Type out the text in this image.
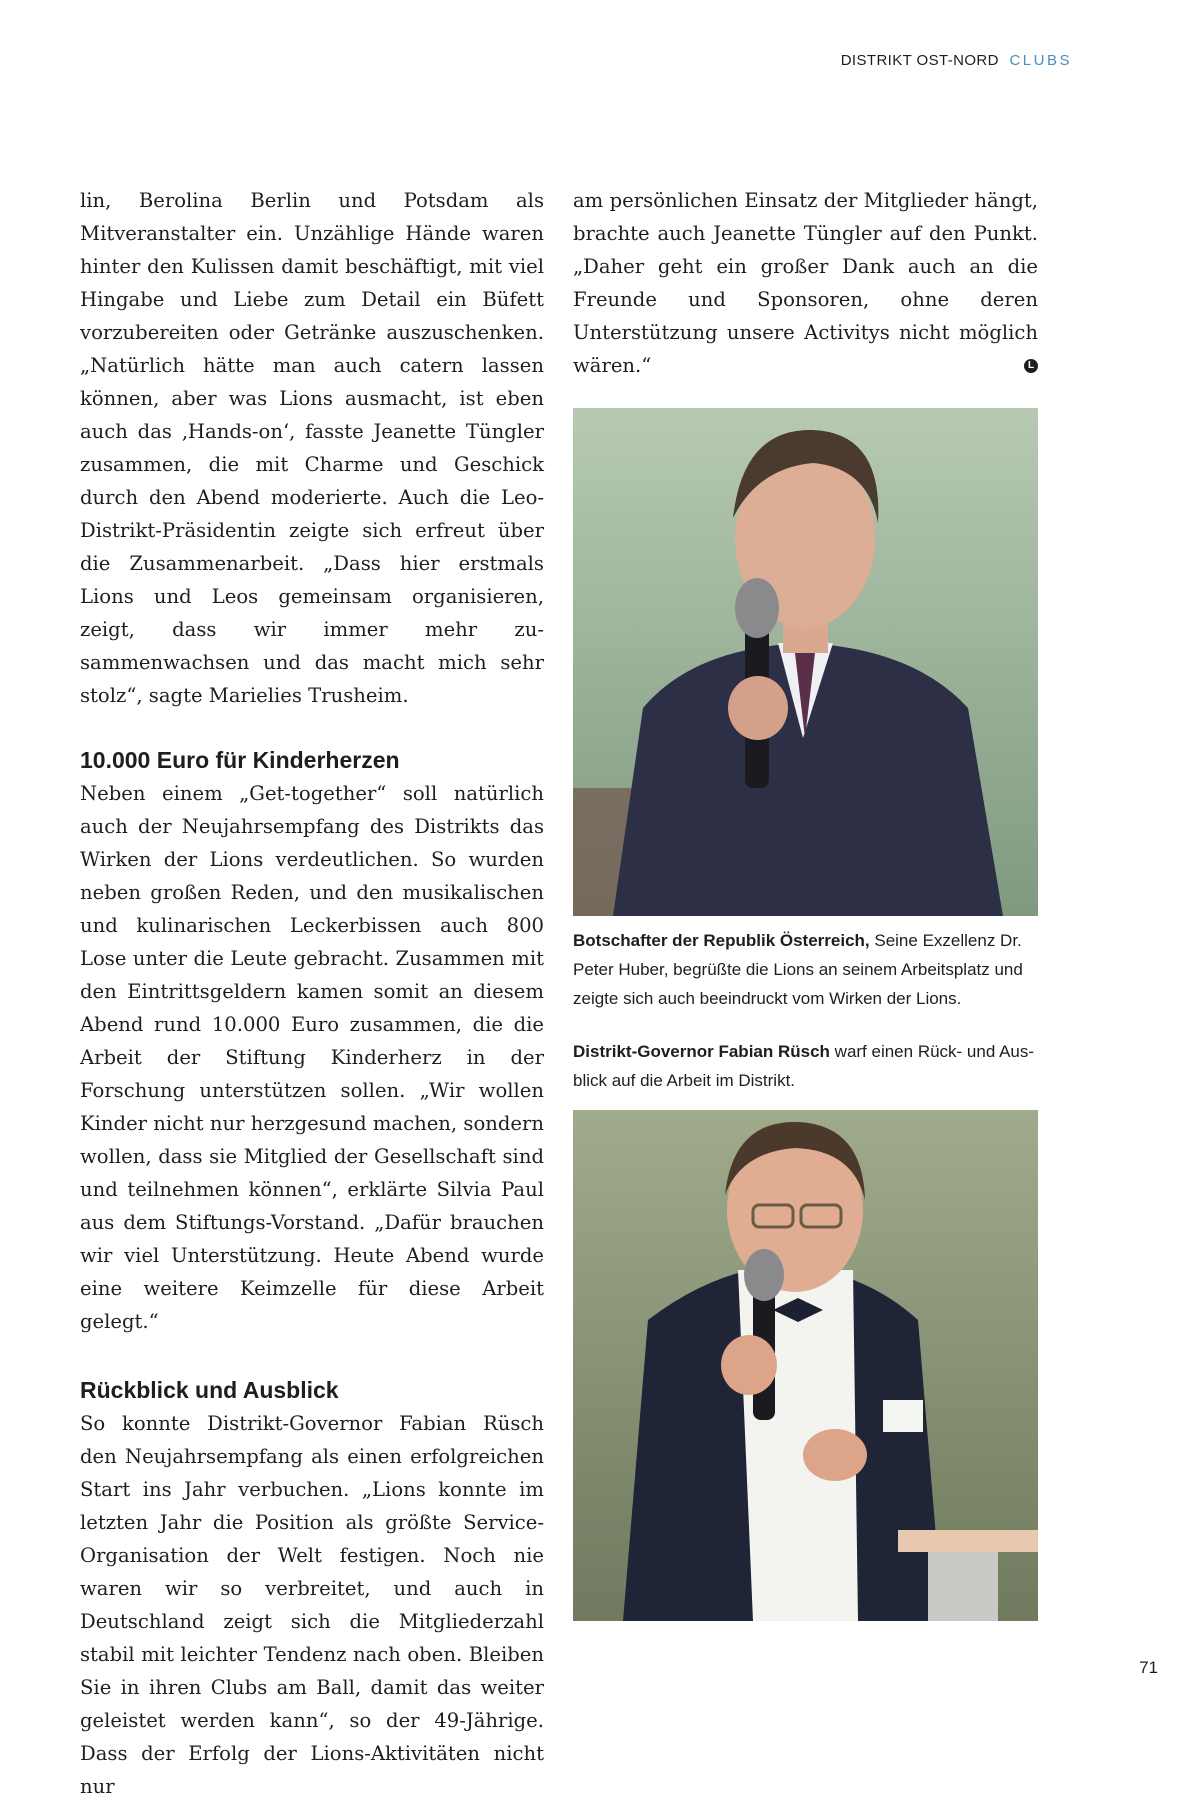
DISTRIKT OST-NORD CLUBS

lin, Berolina Berlin und Potsdam als Mitveranstalter ein. Unzählige Hände waren hinter den Kulissen damit beschäftigt, mit viel Hingabe und Liebe zum Detail ein Büfett vorzubereiten oder Getränke auszuschenken. „Natürlich hätte man auch catern lassen können, aber was Lions ausmacht, ist eben auch das ‚Hands-on‘, fasste Jeanette Tüngler zusammen, die mit Charme und Geschick durch den Abend moderierte. Auch die Leo-Distrikt-Präsidentin zeigte sich erfreut über die Zusammenarbeit. „Dass hier erstmals Lions und Leos gemeinsam organisieren, zeigt, dass wir immer mehr zusammenwachsen und das macht mich sehr stolz“, sagte Marielies Trusheim.

10.000 Euro für Kinderherzen

Neben einem „Get-together“ soll natürlich auch der Neujahrsempfang des Distrikts das Wirken der Lions verdeutlichen. So wurden neben großen Reden, und den musikalischen und kulinarischen Leckerbissen auch 800 Lose unter die Leute gebracht. Zusammen mit den Eintrittsgeldern kamen somit an diesem Abend rund 10.000 Euro zusammen, die die Arbeit der Stiftung Kinderherz in der Forschung unterstützen sollen. „Wir wollen Kinder nicht nur herzgesund machen, sondern wollen, dass sie Mitglied der Gesellschaft sind und teilnehmen können“, erklärte Silvia Paul aus dem Stiftungs-Vorstand. „Dafür brauchen wir viel Unterstützung. Heute Abend wurde eine weitere Keimzelle für diese Arbeit gelegt.“

Rückblick und Ausblick

So konnte Distrikt-Governor Fabian Rüsch den Neujahrsempfang als einen erfolgreichen Start ins Jahr verbuchen. „Lions konnte im letzten Jahr die Position als größte Service-Organisation der Welt festigen. Noch nie waren wir so verbreitet, und auch in Deutschland zeigt sich die Mitgliederzahl stabil mit leichter Tendenz nach oben. Bleiben Sie in ihren Clubs am Ball, damit das weiter geleistet werden kann“, so der 49-Jährige. Dass der Erfolg der Lions-Aktivitäten nicht nur

am persönlichen Einsatz der Mitglieder hängt, brachte auch Jeanette Tüngler auf den Punkt. „Daher geht ein großer Dank auch an die Freunde und Sponsoren, ohne deren Unterstützung unsere Activitys nicht möglich wären.“	L

Botschafter der Republik Österreich, Seine Exzellenz Dr. Peter Huber, begrüßte die Lions an seinem Arbeitsplatz und zeigte sich auch beeindruckt vom Wirken der Lions.

Distrikt-Governor Fabian Rüsch warf einen Rück- und Ausblick auf die Arbeit im Distrikt.

71
